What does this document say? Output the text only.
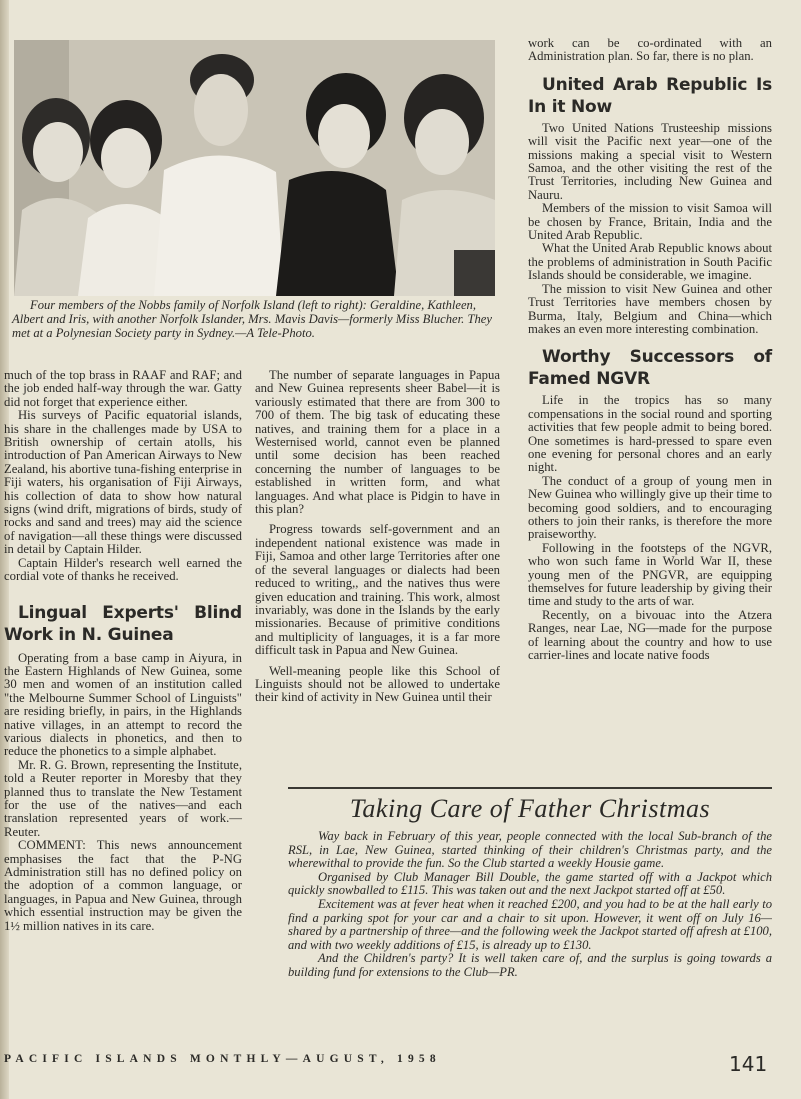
Four members of the Nobbs family of Norfolk Island (left to right): Geraldine, Kathleen, Albert and Iris, with another Norfolk Islander, Mrs. Mavis Davis—formerly Miss Blucher. They met at a Polynesian Society party in Sydney.—A Tele-Photo.

much of the top brass in RAAF and RAF; and the job ended half-way through the war. Gatty did not forget that experience either.

His surveys of Pacific equatorial islands, his share in the challenges made by USA to British ownership of certain atolls, his introduction of Pan American Airways to New Zealand, his abortive tuna-fishing enterprise in Fiji waters, his organisation of Fiji Airways, his collection of data to show how natural signs (wind drift, migrations of birds, study of rocks and sand and trees) may aid the science of navigation—all these things were discussed in detail by Captain Hilder.

Captain Hilder's research well earned the cordial vote of thanks he received.

Lingual Experts' Blind Work in N. Guinea

Operating from a base camp in Aiyura, in the Eastern Highlands of New Guinea, some 30 men and women of an institution called "the Melbourne Summer School of Linguists" are residing briefly, in pairs, in the Highlands native villages, in an attempt to record the various dialects in phonetics, and then to reduce the phonetics to a simple alphabet.

Mr. R. G. Brown, representing the Institute, told a Reuter reporter in Moresby that they planned thus to translate the New Testament for the use of the natives—and each translation represented years of work.—Reuter.

COMMENT: This news announcement emphasises the fact that the P-NG Administration still has no defined policy on the adoption of a common language, or languages, in Papua and New Guinea, through which essential instruction may be given the 1½ million natives in its care.

The number of separate languages in Papua and New Guinea represents sheer Babel—it is variously estimated that there are from 300 to 700 of them. The big task of educating these natives, and training them for a place in a Westernised world, cannot even be planned until some decision has been reached concerning the number of languages to be established in written form, and what languages. And what place is Pidgin to have in this plan?

Progress towards self-government and an independent national existence was made in Fiji, Samoa and other large Territories after one of the several languages or dialects had been reduced to writing,, and the natives thus were given education and training. This work, almost invariably, was done in the Islands by the early missionaries. Because of primitive conditions and multiplicity of languages, it is a far more difficult task in Papua and New Guinea.

Well-meaning people like this School of Linguists should not be allowed to undertake their kind of activity in New Guinea until their

work can be co-ordinated with an Administration plan. So far, there is no plan.

United Arab Republic Is In it Now

Two United Nations Trusteeship missions will visit the Pacific next year—one of the missions making a special visit to Western Samoa, and the other visiting the rest of the Trust Territories, including New Guinea and Nauru.

Members of the mission to visit Samoa will be chosen by France, Britain, India and the United Arab Republic.

What the United Arab Republic knows about the problems of administration in South Pacific Islands should be considerable, we imagine.

The mission to visit New Guinea and other Trust Territories have members chosen by Burma, Italy, Belgium and China—which makes an even more interesting combination.

Worthy Successors of Famed NGVR

Life in the tropics has so many compensations in the social round and sporting activities that few people admit to being bored. One sometimes is hard-pressed to spare even one evening for personal chores and an early night.

The conduct of a group of young men in New Guinea who willingly give up their time to becoming good soldiers, and to encouraging others to join their ranks, is therefore the more praiseworthy.

Following in the footsteps of the NGVR, who won such fame in World War II, these young men of the PNGVR, are equipping themselves for future leadership by giving their time and study to the arts of war.

Recently, on a bivouac into the Atzera Ranges, near Lae, NG—made for the purpose of learning about the country and how to use carrier-lines and locate native foods

Taking Care of Father Christmas

Way back in February of this year, people connected with the local Sub-branch of the RSL, in Lae, New Guinea, started thinking of their children's Christmas party, and the wherewithal to provide the fun. So the Club started a weekly Housie game.

Organised by Club Manager Bill Double, the game started off with a Jackpot which quickly snowballed to £115. This was taken out and the next Jackpot started off at £50.

Excitement was at fever heat when it reached £200, and you had to be at the hall early to find a parking spot for your car and a chair to sit upon. However, it went off on July 16—shared by a partnership of three—and the following week the Jackpot started off afresh at £100, and with two weekly additions of £15, is already up to £130.

And the Children's party? It is well taken care of, and the surplus is going towards a building fund for extensions to the Club—PR.

PACIFIC ISLANDS MONTHLY—AUGUST, 1958	141
